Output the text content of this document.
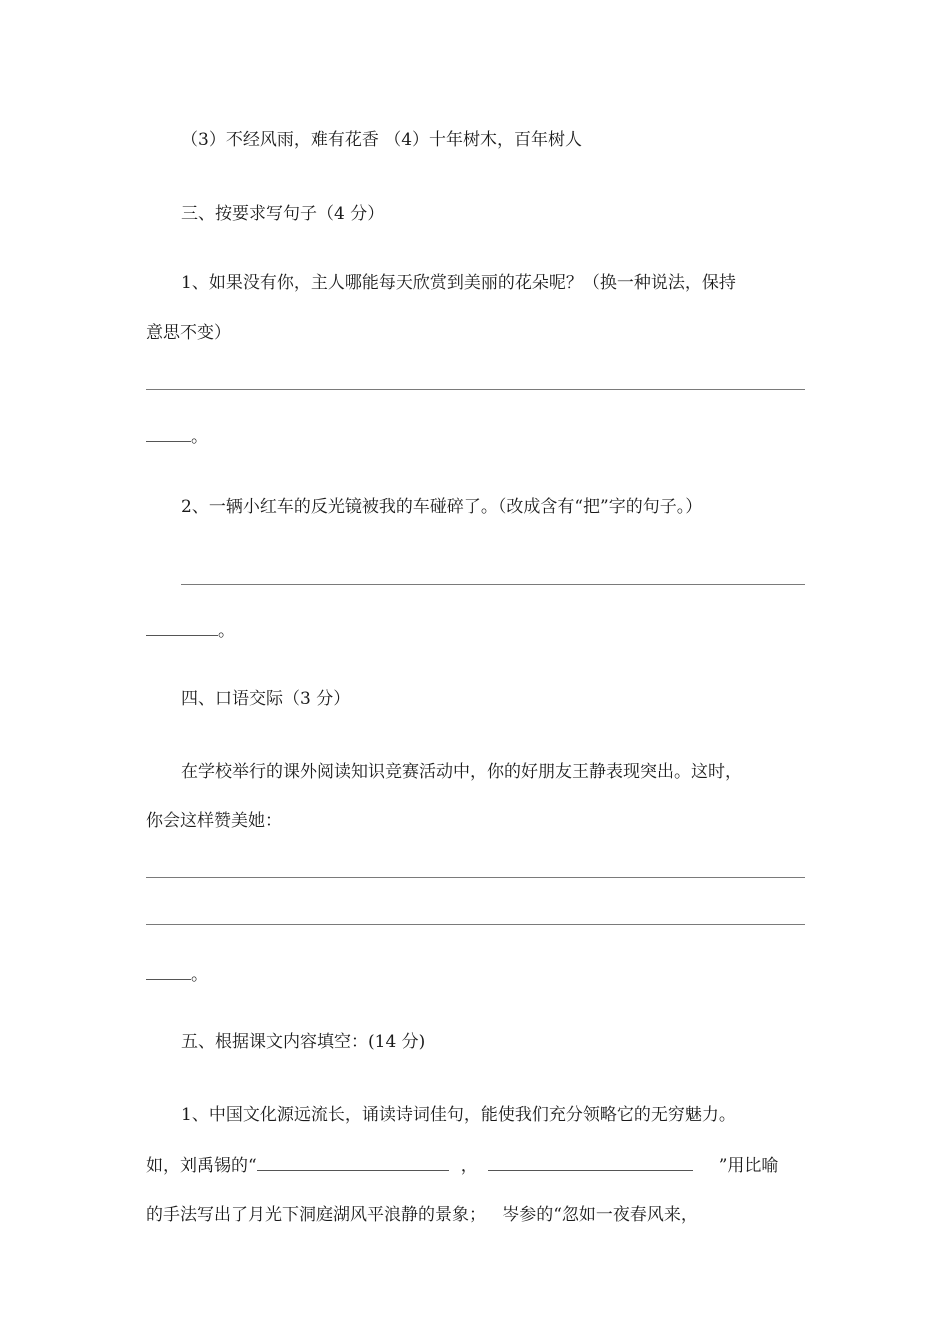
（3）不经风雨，难有花香 （4）十年树木，百年树人
三、按要求写句子（4 分）
1、如果没有你，主人哪能每天欣赏到美丽的花朵呢？（换一种说法，保持
意思不变）
。
2、一辆小红车的反光镜被我的车碰碎了。（改成含有“把”字的句子。）
。
四、口语交际（3 分）
在学校举行的课外阅读知识竞赛活动中，你的好朋友王静表现突出。这时，
你会这样赞美她：
。
五、根据课文内容填空：(14 分)
1、中国文化源远流长，诵读诗词佳句，能使我们充分领略它的无穷魅力。
如，刘禹锡的“	，	”用比喻
的手法写出了月光下洞庭湖风平浪静的景象；   岑参的“忽如一夜春风来，
